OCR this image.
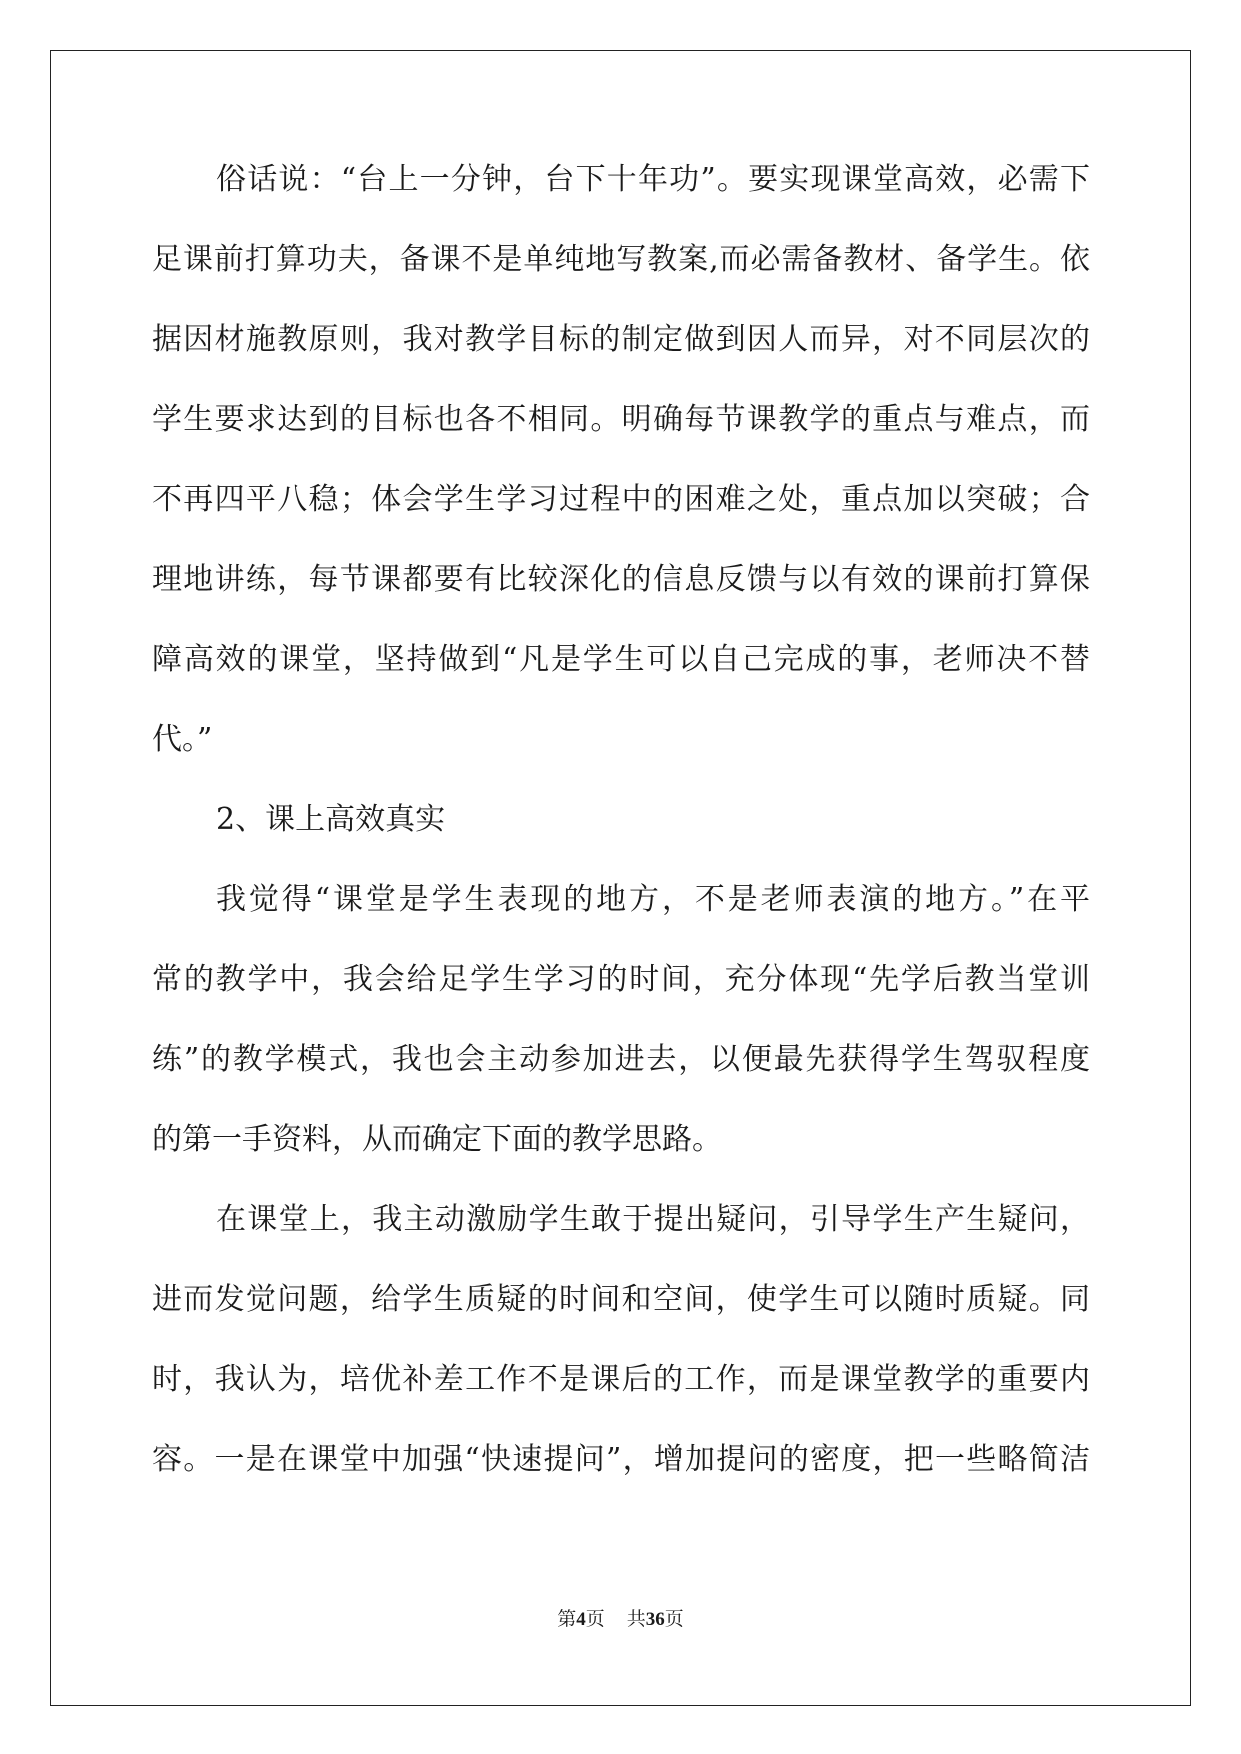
俗话说：“台上一分钟，台下十年功”。要实现课堂高效，必需下
足课前打算功夫，备课不是单纯地写教案,而必需备教材、备学生。依
据因材施教原则，我对教学目标的制定做到因人而异，对不同层次的
学生要求达到的目标也各不相同。明确每节课教学的重点与难点，而
不再四平八稳；体会学生学习过程中的困难之处，重点加以突破；合
理地讲练，每节课都要有比较深化的信息反馈与以有效的课前打算保
障高效的课堂，坚持做到“凡是学生可以自己完成的事，老师决不替
代。”
2、课上高效真实
我觉得“课堂是学生表现的地方，不是老师表演的地方。”在平
常的教学中，我会给足学生学习的时间，充分体现“先学后教当堂训
练”的教学模式，我也会主动参加进去，以便最先获得学生驾驭程度
的第一手资料，从而确定下面的教学思路。
在课堂上，我主动激励学生敢于提出疑问，引导学生产生疑问，
进而发觉问题，给学生质疑的时间和空间，使学生可以随时质疑。同
时，我认为，培优补差工作不是课后的工作，而是课堂教学的重要内
容。一是在课堂中加强“快速提问”，增加提问的密度，把一些略简洁
第4页 共36页
